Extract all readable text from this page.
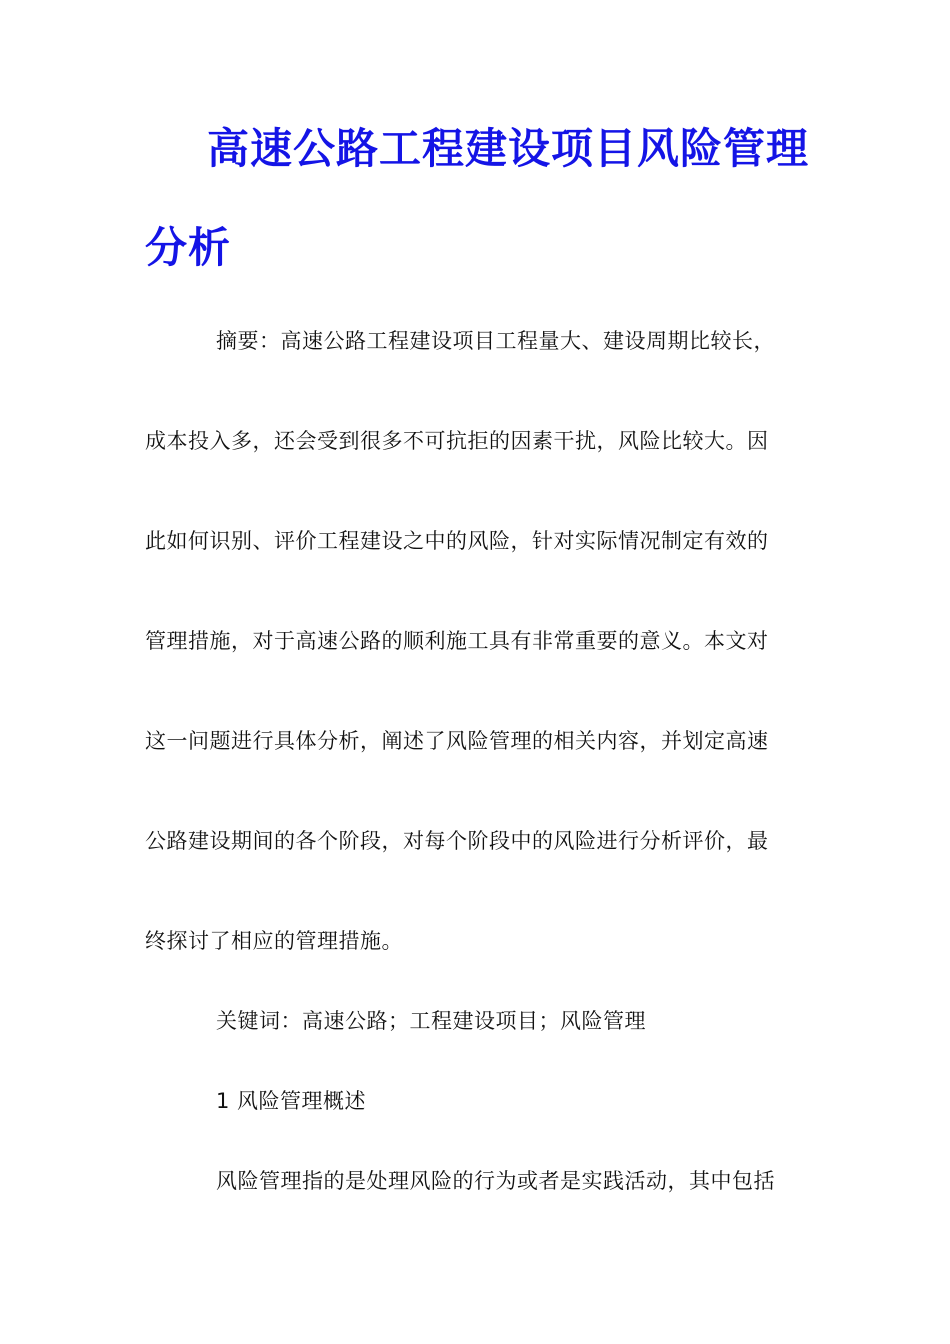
高速公路工程建设项目风险管理
分析
摘要：高速公路工程建设项目工程量大、建设周期比较长，
成本投入多，还会受到很多不可抗拒的因素干扰，风险比较大。因
此如何识别、评价工程建设之中的风险，针对实际情况制定有效的
管理措施，对于高速公路的顺利施工具有非常重要的意义。本文对
这一问题进行具体分析，阐述了风险管理的相关内容，并划定高速
公路建设期间的各个阶段，对每个阶段中的风险进行分析评价，最
终探讨了相应的管理措施。
关键词：高速公路；工程建设项目；风险管理
1 风险管理概述
风险管理指的是处理风险的行为或者是实践活动，其中包括
